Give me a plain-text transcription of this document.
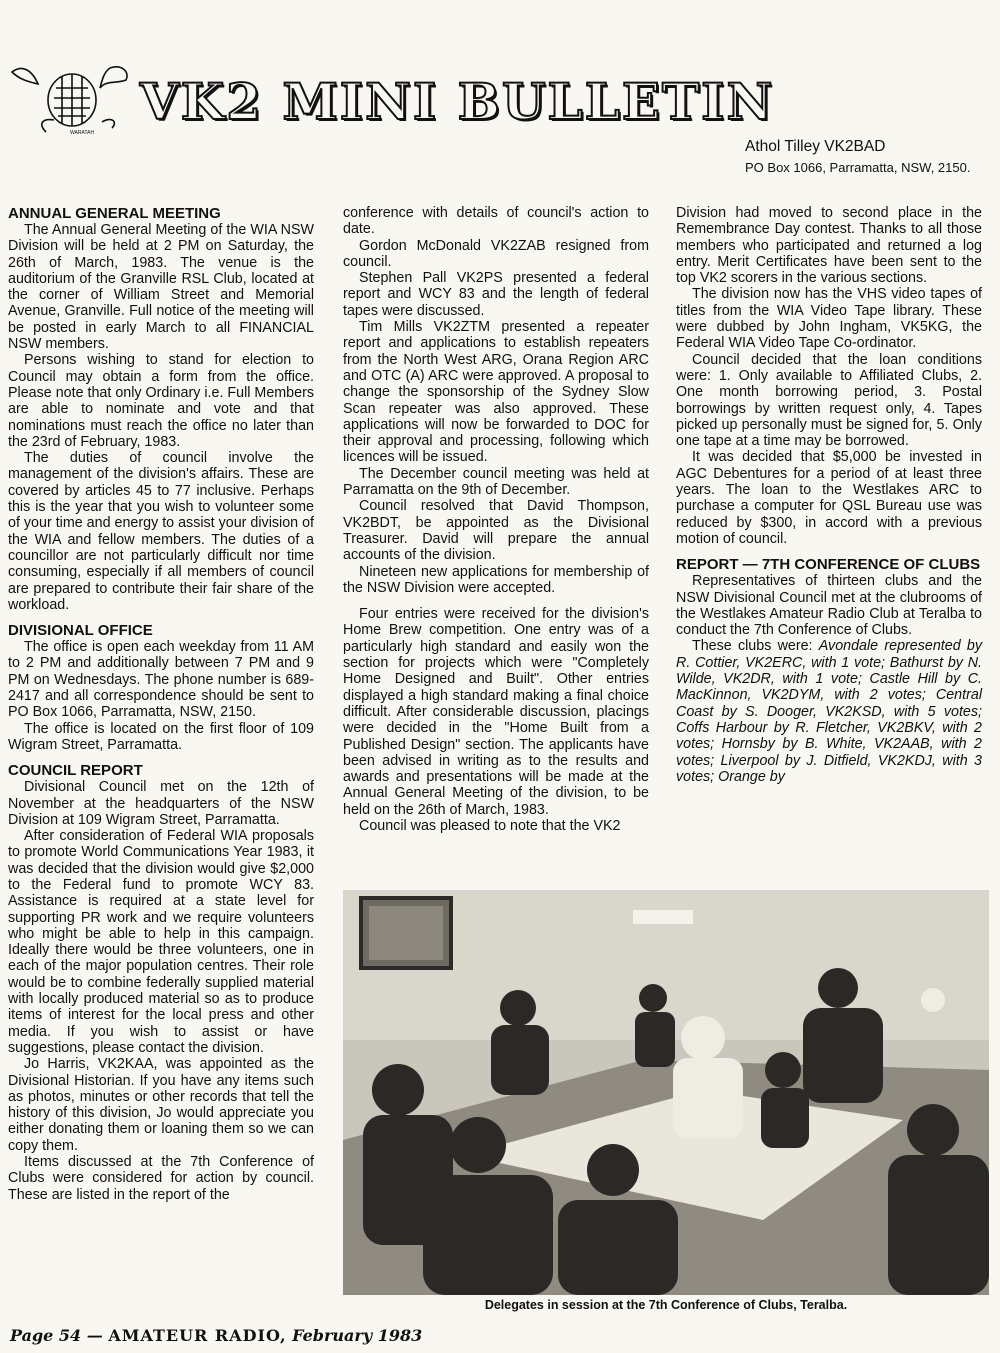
WARATAH
VK2 MINI BULLETIN
Athol Tilley VK2BAD
PO Box 1066, Parramatta, NSW, 2150.
ANNUAL GENERAL MEETING

The Annual General Meeting of the WIA NSW Division will be held at 2 PM on Saturday, the 26th of March, 1983. The venue is the auditorium of the Granville RSL Club, located at the corner of William Street and Memorial Avenue, Granville. Full notice of the meeting will be posted in early March to all FINANCIAL NSW members.

Persons wishing to stand for election to Council may obtain a form from the office. Please note that only Ordinary i.e. Full Members are able to nominate and vote and that nominations must reach the office no later than the 23rd of February, 1983.

The duties of council involve the management of the division's affairs. These are covered by articles 45 to 77 inclusive. Perhaps this is the year that you wish to volunteer some of your time and energy to assist your division of the WIA and fellow members. The duties of a councillor are not particularly difficult nor time consuming, especially if all members of council are prepared to contribute their fair share of the workload.

DIVISIONAL OFFICE

The office is open each weekday from 11 AM to 2 PM and additionally between 7 PM and 9 PM on Wednesdays. The phone number is 689-2417 and all correspondence should be sent to PO Box 1066, Parramatta, NSW, 2150.

The office is located on the first floor of 109 Wigram Street, Parramatta.

COUNCIL REPORT

Divisional Council met on the 12th of November at the headquarters of the NSW Division at 109 Wigram Street, Parramatta.

After consideration of Federal WIA proposals to promote World Communications Year 1983, it was decided that the division would give $2,000 to the Federal fund to promote WCY 83. Assistance is required at a state level for supporting PR work and we require volunteers who might be able to help in this campaign. Ideally there would be three volunteers, one in each of the major population centres. Their role would be to combine federally supplied material with locally produced material so as to produce items of interest for the local press and other media. If you wish to assist or have suggestions, please contact the division.

Jo Harris, VK2KAA, was appointed as the Divisional Historian. If you have any items such as photos, minutes or other records that tell the history of this division, Jo would appreciate you either donating them or loaning them so we can copy them.

Items discussed at the 7th Conference of Clubs were considered for action by council. These are listed in the report of the

conference with details of council's action to date.

Gordon McDonald VK2ZAB resigned from council.

Stephen Pall VK2PS presented a federal report and WCY 83 and the length of federal tapes were discussed.

Tim Mills VK2ZTM presented a repeater report and applications to establish repeaters from the North West ARG, Orana Region ARC and OTC (A) ARC were approved. A proposal to change the sponsorship of the Sydney Slow Scan repeater was also approved. These applications will now be forwarded to DOC for their approval and processing, following which licences will be issued.

The December council meeting was held at Parramatta on the 9th of December.

Council resolved that David Thompson, VK2BDT, be appointed as the Divisional Treasurer. David will prepare the annual accounts of the division.

Nineteen new applications for membership of the NSW Division were accepted.

Four entries were received for the division's Home Brew competition. One entry was of a particularly high standard and easily won the section for projects which were "Completely Home Designed and Built". Other entries displayed a high standard making a final choice difficult. After considerable discussion, placings were decided in the "Home Built from a Published Design" section. The applicants have been advised in writing as to the results and awards and presentations will be made at the Annual General Meeting of the division, to be held on the 26th of March, 1983.

Council was pleased to note that the VK2

Division had moved to second place in the Remembrance Day contest. Thanks to all those members who participated and returned a log entry. Merit Certificates have been sent to the top VK2 scorers in the various sections.

The division now has the VHS video tapes of titles from the WIA Video Tape library. These were dubbed by John Ingham, VK5KG, the Federal WIA Video Tape Co-ordinator.

Council decided that the loan conditions were: 1. Only available to Affiliated Clubs, 2. One month borrowing period, 3. Postal borrowings by written request only, 4. Tapes picked up personally must be signed for, 5. Only one tape at a time may be borrowed.

It was decided that $5,000 be invested in AGC Debentures for a period of at least three years. The loan to the Westlakes ARC to purchase a computer for QSL Bureau use was reduced by $300, in accord with a previous motion of council.

REPORT — 7TH CONFERENCE OF CLUBS

Representatives of thirteen clubs and the NSW Divisional Council met at the clubrooms of the Westlakes Amateur Radio Club at Teralba to conduct the 7th Conference of Clubs.

These clubs were: Avondale represented by R. Cottier, VK2ERC, with 1 vote; Bathurst by N. Wilde, VK2DR, with 1 vote; Castle Hill by C. MacKinnon, VK2DYM, with 2 votes; Central Coast by S. Dooger, VK2KSD, with 5 votes; Coffs Harbour by R. Fletcher, VK2BKV, with 2 votes; Hornsby by B. White, VK2AAB, with 2 votes; Liverpool by J. Ditfield, VK2KDJ, with 3 votes; Orange by

Delegates in session at the 7th Conference of Clubs, Teralba.
Page 54 — AMATEUR RADIO, February 1983
